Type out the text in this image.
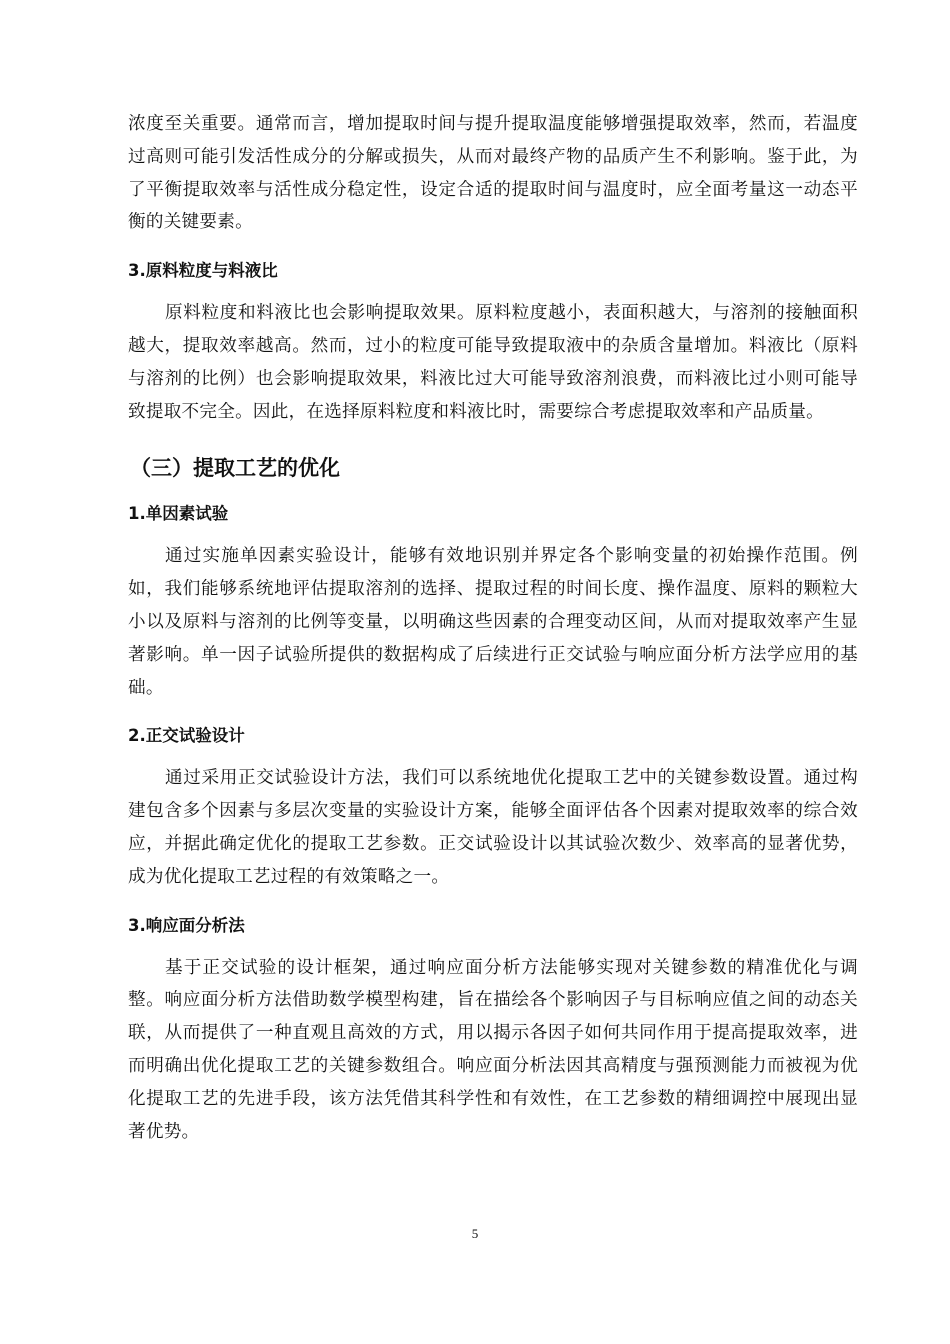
浓度至关重要。通常而言，增加提取时间与提升提取温度能够增强提取效率，然而，若温度过高则可能引发活性成分的分解或损失，从而对最终产物的品质产生不利影响。鉴于此，为了平衡提取效率与活性成分稳定性，设定合适的提取时间与温度时，应全面考量这一动态平衡的关键要素。

3.原料粒度与料液比

原料粒度和料液比也会影响提取效果。原料粒度越小，表面积越大，与溶剂的接触面积越大，提取效率越高。然而，过小的粒度可能导致提取液中的杂质含量增加。料液比（原料与溶剂的比例）也会影响提取效果，料液比过大可能导致溶剂浪费，而料液比过小则可能导致提取不完全。因此，在选择原料粒度和料液比时，需要综合考虑提取效率和产品质量。

（三）提取工艺的优化
1.单因素试验

通过实施单因素实验设计，能够有效地识别并界定各个影响变量的初始操作范围。例如，我们能够系统地评估提取溶剂的选择、提取过程的时间长度、操作温度、原料的颗粒大小以及原料与溶剂的比例等变量，以明确这些因素的合理变动区间，从而对提取效率产生显著影响。单一因子试验所提供的数据构成了后续进行正交试验与响应面分析方法学应用的基础。

2.正交试验设计

通过采用正交试验设计方法，我们可以系统地优化提取工艺中的关键参数设置。通过构建包含多个因素与多层次变量的实验设计方案，能够全面评估各个因素对提取效率的综合效应，并据此确定优化的提取工艺参数。正交试验设计以其试验次数少、效率高的显著优势，成为优化提取工艺过程的有效策略之一。

3.响应面分析法

基于正交试验的设计框架，通过响应面分析方法能够实现对关键参数的精准优化与调整。响应面分析方法借助数学模型构建，旨在描绘各个影响因子与目标响应值之间的动态关联，从而提供了一种直观且高效的方式，用以揭示各因子如何共同作用于提高提取效率，进而明确出优化提取工艺的关键参数组合。响应面分析法因其高精度与强预测能力而被视为优化提取工艺的先进手段，该方法凭借其科学性和有效性，在工艺参数的精细调控中展现出显著优势。

5
